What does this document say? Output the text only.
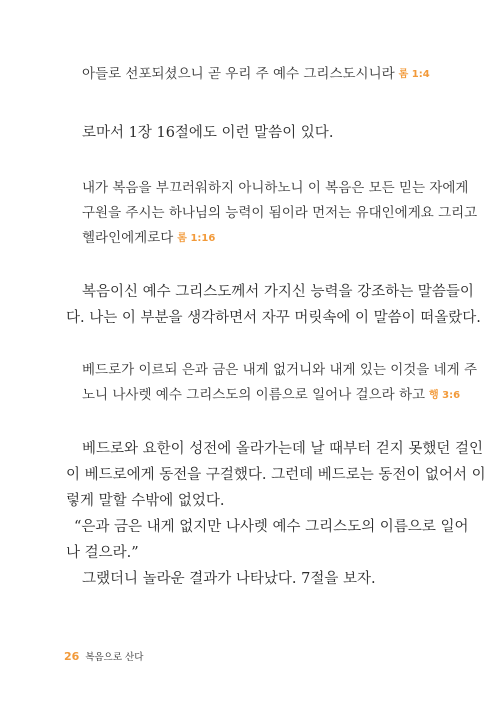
아들로 선포되셨으니 곧 우리 주 예수 그리스도시니라 롬 1:4
로마서 1장 16절에도 이런 말씀이 있다.
내가 복음을 부끄러워하지 아니하노니 이 복음은 모든 믿는 자에게
구원을 주시는 하나님의 능력이 됨이라 먼저는 유대인에게요 그리고
헬라인에게로다 롬 1:16
복음이신 예수 그리스도께서 가지신 능력을 강조하는 말씀들이
다. 나는 이 부분을 생각하면서 자꾸 머릿속에 이 말씀이 떠올랐다.
베드로가 이르되 은과 금은 내게 없거니와 내게 있는 이것을 네게 주
노니 나사렛 예수 그리스도의 이름으로 일어나 걸으라 하고 행 3:6
베드로와 요한이 성전에 올라가는데 날 때부터 걷지 못했던 걸인
이 베드로에게 동전을 구걸했다. 그런데 베드로는 동전이 없어서 이
렇게 말할 수밖에 없었다.
“은과 금은 내게 없지만 나사렛 예수 그리스도의 이름으로 일어
나 걸으라.”
그랬더니 놀라운 결과가 나타났다. 7절을 보자.
26 복음으로 산다
